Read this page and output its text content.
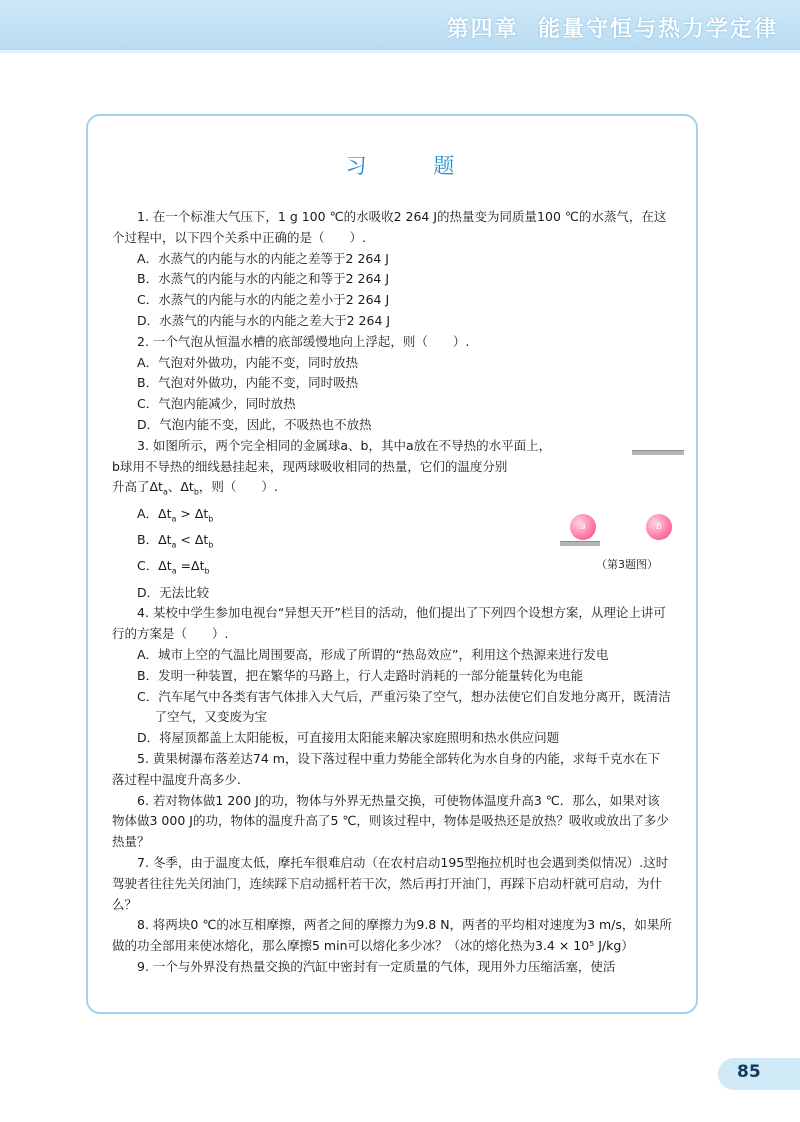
第四章 能量守恒与热力学定律
习 题

1. 在一个标准大气压下，1 g 100 ℃的水吸收2 264 J的热量变为同质量100 ℃的水蒸气，在这个过程中，以下四个关系中正确的是（　　）.

A．水蒸气的内能与水的内能之差等于2 264 J

B．水蒸气的内能与水的内能之和等于2 264 J

C．水蒸气的内能与水的内能之差小于2 264 J

D．水蒸气的内能与水的内能之差大于2 264 J

2. 一个气泡从恒温水槽的底部缓慢地向上浮起，则（　　）.

A．气泡对外做功，内能不变，同时放热

B．气泡对外做功，内能不变，同时吸热

C．气泡内能减少，同时放热

D．气泡内能不变，因此，不吸热也不放热

3. 如图所示，两个完全相同的金属球a、b，其中a放在不导热的水平面上，

b球用不导热的细线悬挂起来，现两球吸收相同的热量，它们的温度分别

升高了$\Delta t_a$、$\Delta t_b$，则（　　）.

A．$\Delta t_a > \Delta t_b$

B．$\Delta t_a < \Delta t_b$

C．$\Delta t_a =\Delta t_b$

D．无法比较

4. 某校中学生参加电视台“异想天开”栏目的活动，他们提出了下列四个设想方案，从理论上讲可行的方案是（　　）.

A．城市上空的气温比周围要高，形成了所谓的“热岛效应”，利用这个热源来进行发电

B．发明一种装置，把在繁华的马路上，行人走路时消耗的一部分能量转化为电能

C．汽车尾气中各类有害气体排入大气后，严重污染了空气，想办法使它们自发地分离开，既清洁了空气，又变废为宝

D．将屋顶都盖上太阳能板，可直接用太阳能来解决家庭照明和热水供应问题

5. 黄果树瀑布落差达74 m，设下落过程中重力势能全部转化为水自身的内能，求每千克水在下落过程中温度升高多少.

6. 若对物体做1 200 J的功，物体与外界无热量交换，可使物体温度升高3 ℃．那么，如果对该物体做3 000 J的功，物体的温度升高了5 ℃，则该过程中，物体是吸热还是放热？吸收或放出了多少热量？

7. 冬季，由于温度太低，摩托车很难启动（在农村启动195型拖拉机时也会遇到类似情况）.这时驾驶者往往先关闭油门，连续踩下启动摇杆若干次，然后再打开油门，再踩下启动杆就可启动，为什么？

8. 将两块0 ℃的冰互相摩擦，两者之间的摩擦力为9.8 N，两者的平均相对速度为3 m/s，如果所做的功全部用来使冰熔化，那么摩擦5 min可以熔化多少冰？（冰的熔化热为3.4 × 10⁵ J/kg）

9. 一个与外界没有热量交换的汽缸中密封有一定质量的气体，现用外力压缩活塞，使活

a	b
（第3题图）
85
